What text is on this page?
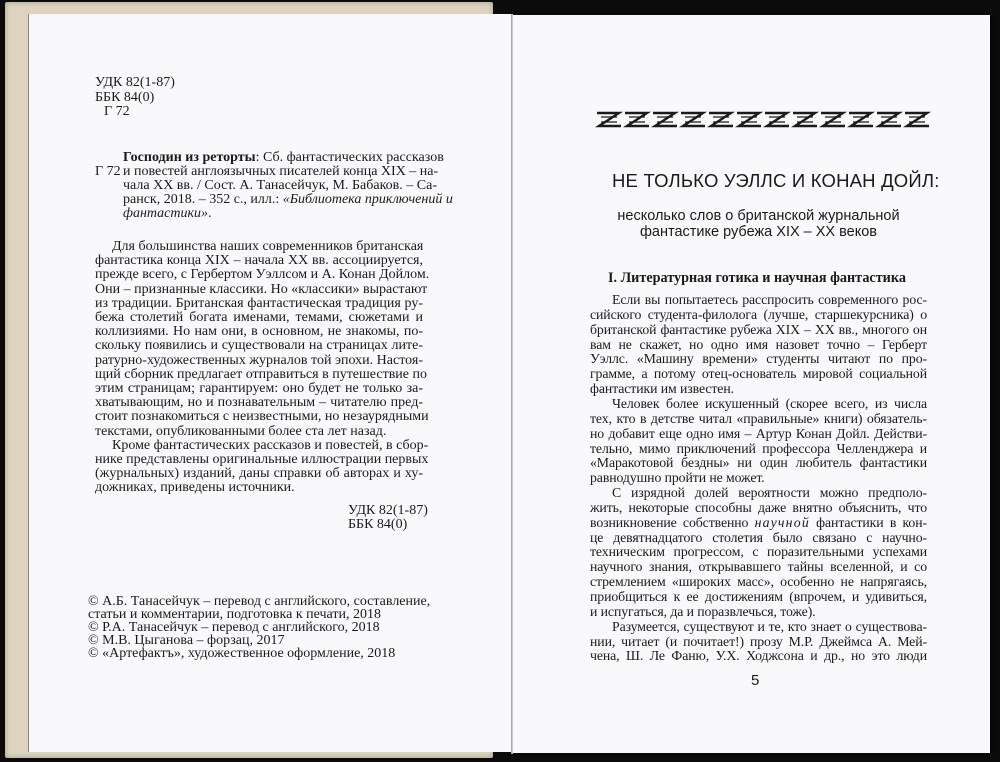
УДК 82(1-87)
ББК 84(0)
Г 72
Г 72
УДК 82(1-87)
ББК 84(0)
НЕ ТОЛЬКО УЭЛЛС И КОНАН ДОЙЛ:
несколько слов о британской журнальной
фантастике рубежа XIX – XX веков
I. Литературная готика и научная фантастика
5
Господин из реторты: Сб. фантастических рассказов
и повестей англоязычных писателей конца XIX – на-
чала XX вв. / Сост. А. Танасейчук, М. Бабаков. – Са-
ранск, 2018. – 352 с., илл.: «Библиотека приключений и
фантастики».
Для большинства наших современников британская
фантастика конца XIX – начала XX вв. ассоциируется,
прежде всего, с Гербертом Уэллсом и А. Конан Дойлом.
Они – признанные классики. Но «классики» вырастают
из традиции. Британская фантастическая традиция ру-
бежа столетий богата именами, темами, сюжетами и
коллизиями. Но нам они, в основном, не знакомы, по-
скольку появились и существовали на страницах лите-
ратурно-художественных журналов той эпохи. Настоя-
щий сборник предлагает отправиться в путешествие по
этим страницам; гарантируем: оно будет не только за-
хватывающим, но и познавательным – читателю пред-
стоит познакомиться с неизвестными, но незаурядными
текстами, опубликованными более ста лет назад.
Кроме фантастических рассказов и повестей, в сбор-
нике представлены оригинальные иллюстрации первых
(журнальных) изданий, даны справки об авторах и ху-
дожниках, приведены источники.
© А.Б. Танасейчук – перевод с английского, составление,
статьи и комментарии, подготовка к печати, 2018
© Р.А. Танасейчук – перевод с английского, 2018
© М.В. Цыганова – форзац, 2017
© «Артефактъ», художественное оформление, 2018
Если вы попытаетесь расспросить современного рос-
сийского студента-филолога (лучше, старшекурсника) о
британской фантастике рубежа XIX – XX вв., многого он
вам не скажет, но одно имя назовет точно – Герберт
Уэллс. «Машину времени» студенты читают по про-
грамме, а потому отец-основатель мировой социальной
фантастики им известен.
Человек более искушенный (скорее всего, из числа
тех, кто в детстве читал «правильные» книги) обязатель-
но добавит еще одно имя – Артур Конан Дойл. Действи-
тельно, мимо приключений профессора Челленджера и
«Маракотовой бездны» ни один любитель фантастики
равнодушно пройти не может.
С изрядной долей вероятности можно предполо-
жить, некоторые способны даже внятно объяснить, что
возникновение собственно научной фантастики в кон-
це девятнадцатого столетия было связано с научно-
техническим прогрессом, с поразительными успехами
научного знания, открывавшего тайны вселенной, и со
стремлением «широких масс», особенно не напрягаясь,
приобщиться к ее достижениям (впрочем, и удивиться,
и испугаться, да и поразвлечься, тоже).
Разумеется, существуют и те, кто знает о существова-
нии, читает (и почитает!) прозу М.Р. Джеймса А. Мей-
чена, Ш. Ле Фаню, У.Х. Ходжсона и др., но это люди
